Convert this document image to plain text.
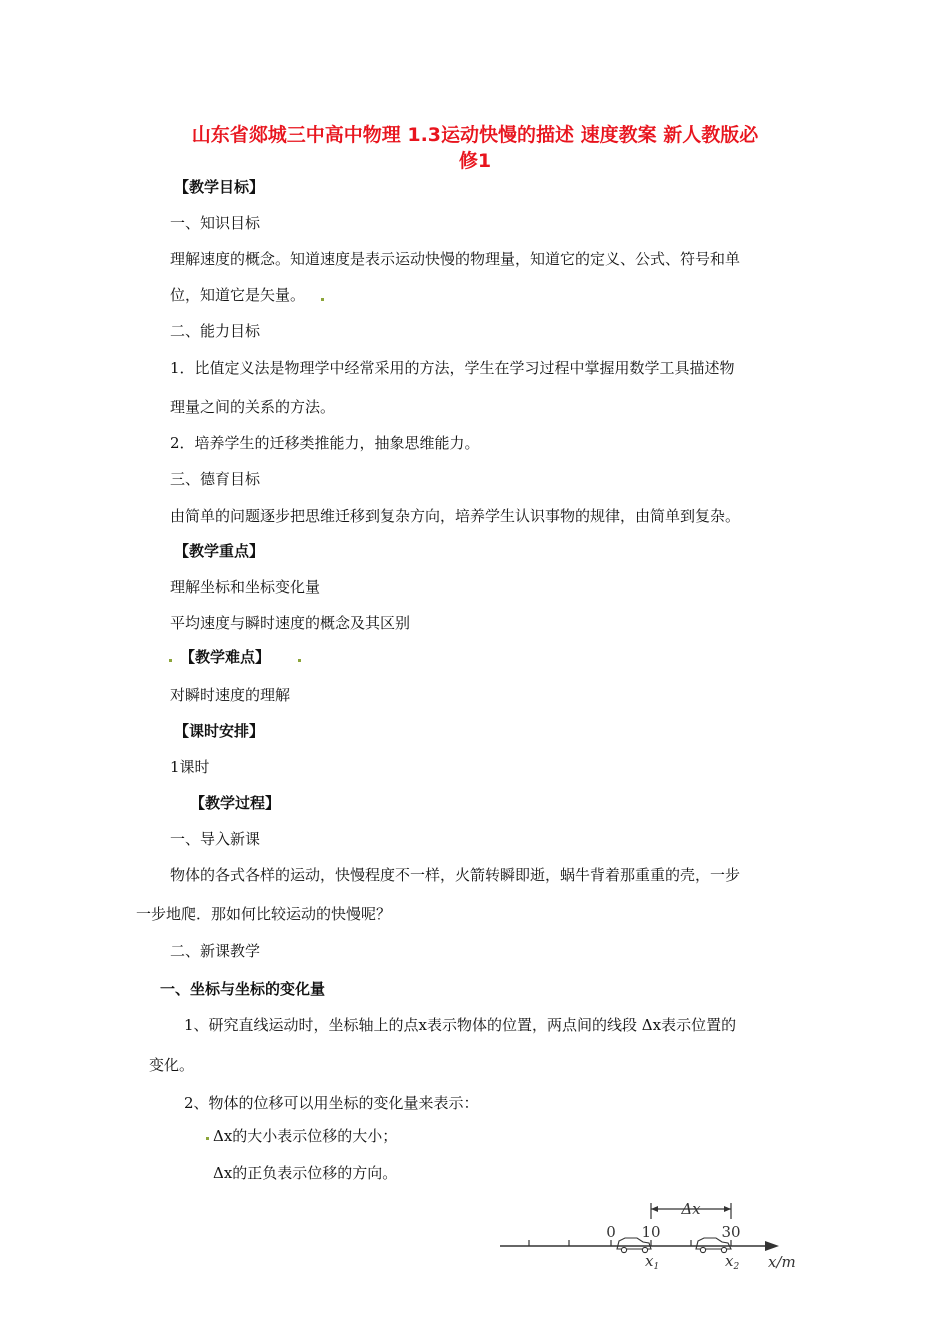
山东省郯城三中高中物理 1.3运动快慢的描述 速度教案 新人教版必
修1
【教学目标】
一、知识目标
理解速度的概念。知道速度是表示运动快慢的物理量，知道它的定义、公式、符号和单
位，知道它是矢量。
二、能力目标
1．比值定义法是物理学中经常采用的方法，学生在学习过程中掌握用数学工具描述物
理量之间的关系的方法。
2．培养学生的迁移类推能力，抽象思维能力。
三、德育目标
由简单的问题逐步把思维迁移到复杂方向，培养学生认识事物的规律，由简单到复杂。
【教学重点】
理解坐标和坐标变化量
平均速度与瞬时速度的概念及其区别
【教学难点】
对瞬时速度的理解
【课时安排】
1课时
【教学过程】
一、导入新课
物体的各式各样的运动，快慢程度不一样，火箭转瞬即逝，蜗牛背着那重重的壳，一步
一步地爬．那如何比较运动的快慢呢？
二、新课教学
一、坐标与坐标的变化量
1、研究直线运动时，坐标轴上的点x表示物体的位置，两点间的线段 Δx表示位置的
变化。
2、物体的位移可以用坐标的变化量来表示：
Δx的大小表示位移的大小；
Δx的正负表示位移的方向。
Δx
0 10	30
$x_1$	$x_2$ x/m
